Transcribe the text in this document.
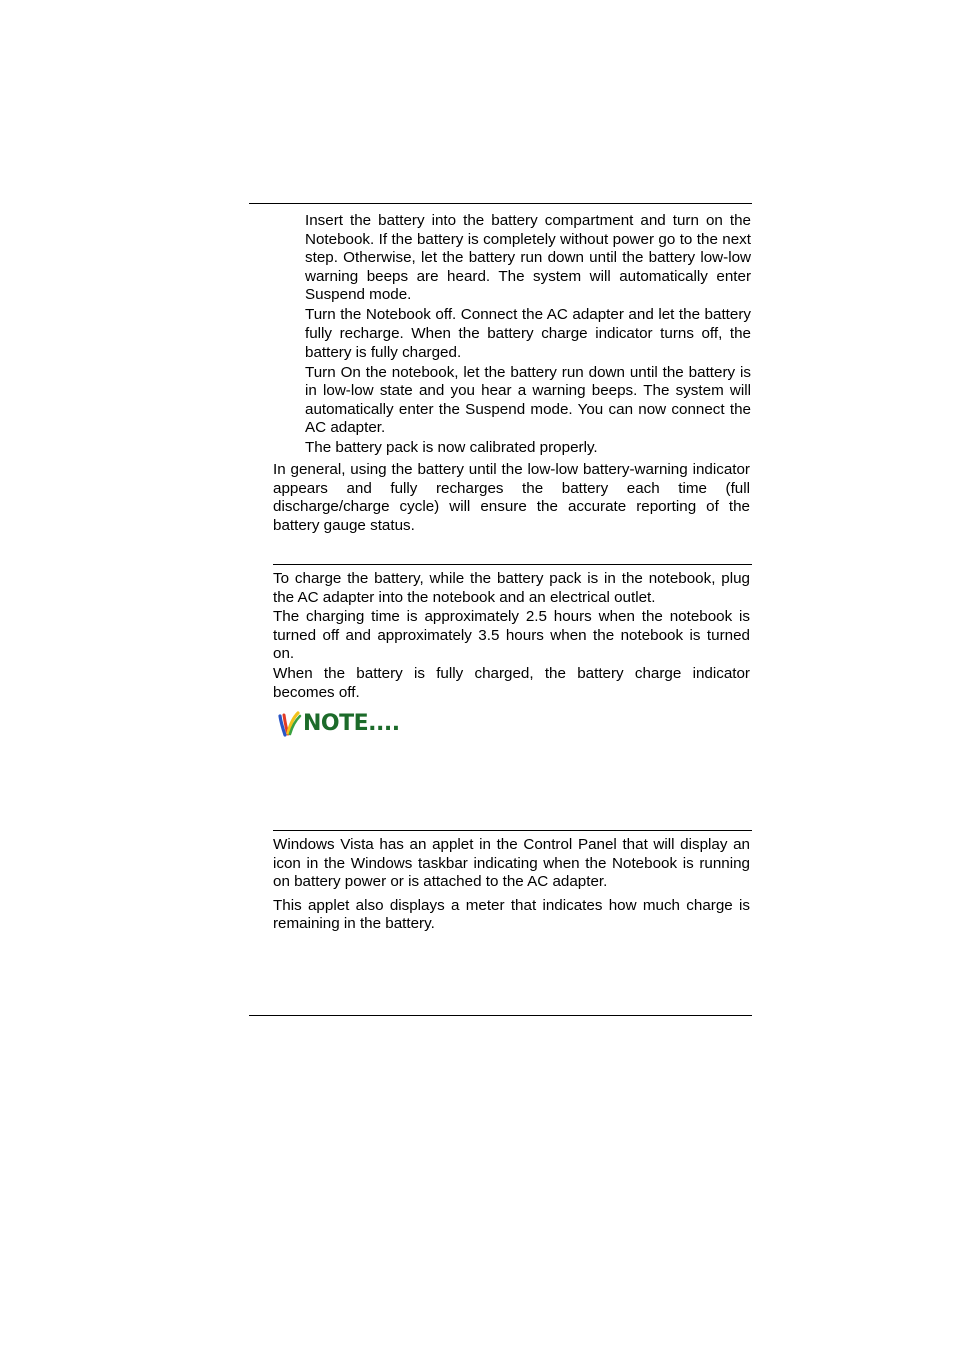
Insert the battery into the battery compartment and turn on the Notebook. If the battery is completely without power go to the next step. Otherwise, let the battery run down until the battery low-low warning beeps are heard. The system will automatically enter Suspend mode.

Turn the Notebook off. Connect the AC adapter and let the battery fully recharge. When the battery charge indicator turns off, the battery is fully charged.

Turn On the notebook, let the battery run down until the battery is in low-low state and you hear a warning beeps. The system will automatically enter the Suspend mode. You can now connect the AC adapter.

The battery pack is now calibrated properly.

In general, using the battery until the low-low battery-warning indicator appears and fully recharges the battery each time (full discharge/charge cycle) will ensure the accurate reporting of the battery gauge status.

To charge the battery, while the battery pack is in the notebook, plug the AC adapter into the notebook and an electrical outlet.

The charging time is approximately 2.5 hours when the notebook is turned off and approximately 3.5 hours when the notebook is turned on.

When the battery is fully charged, the battery charge indicator becomes off.

NOTE....

Windows Vista has an applet in the Control Panel that will display an icon in the Windows taskbar indicating when the Notebook is running on battery power or is attached to the AC adapter.

This applet also displays a meter that indicates how much charge is remaining in the battery.
